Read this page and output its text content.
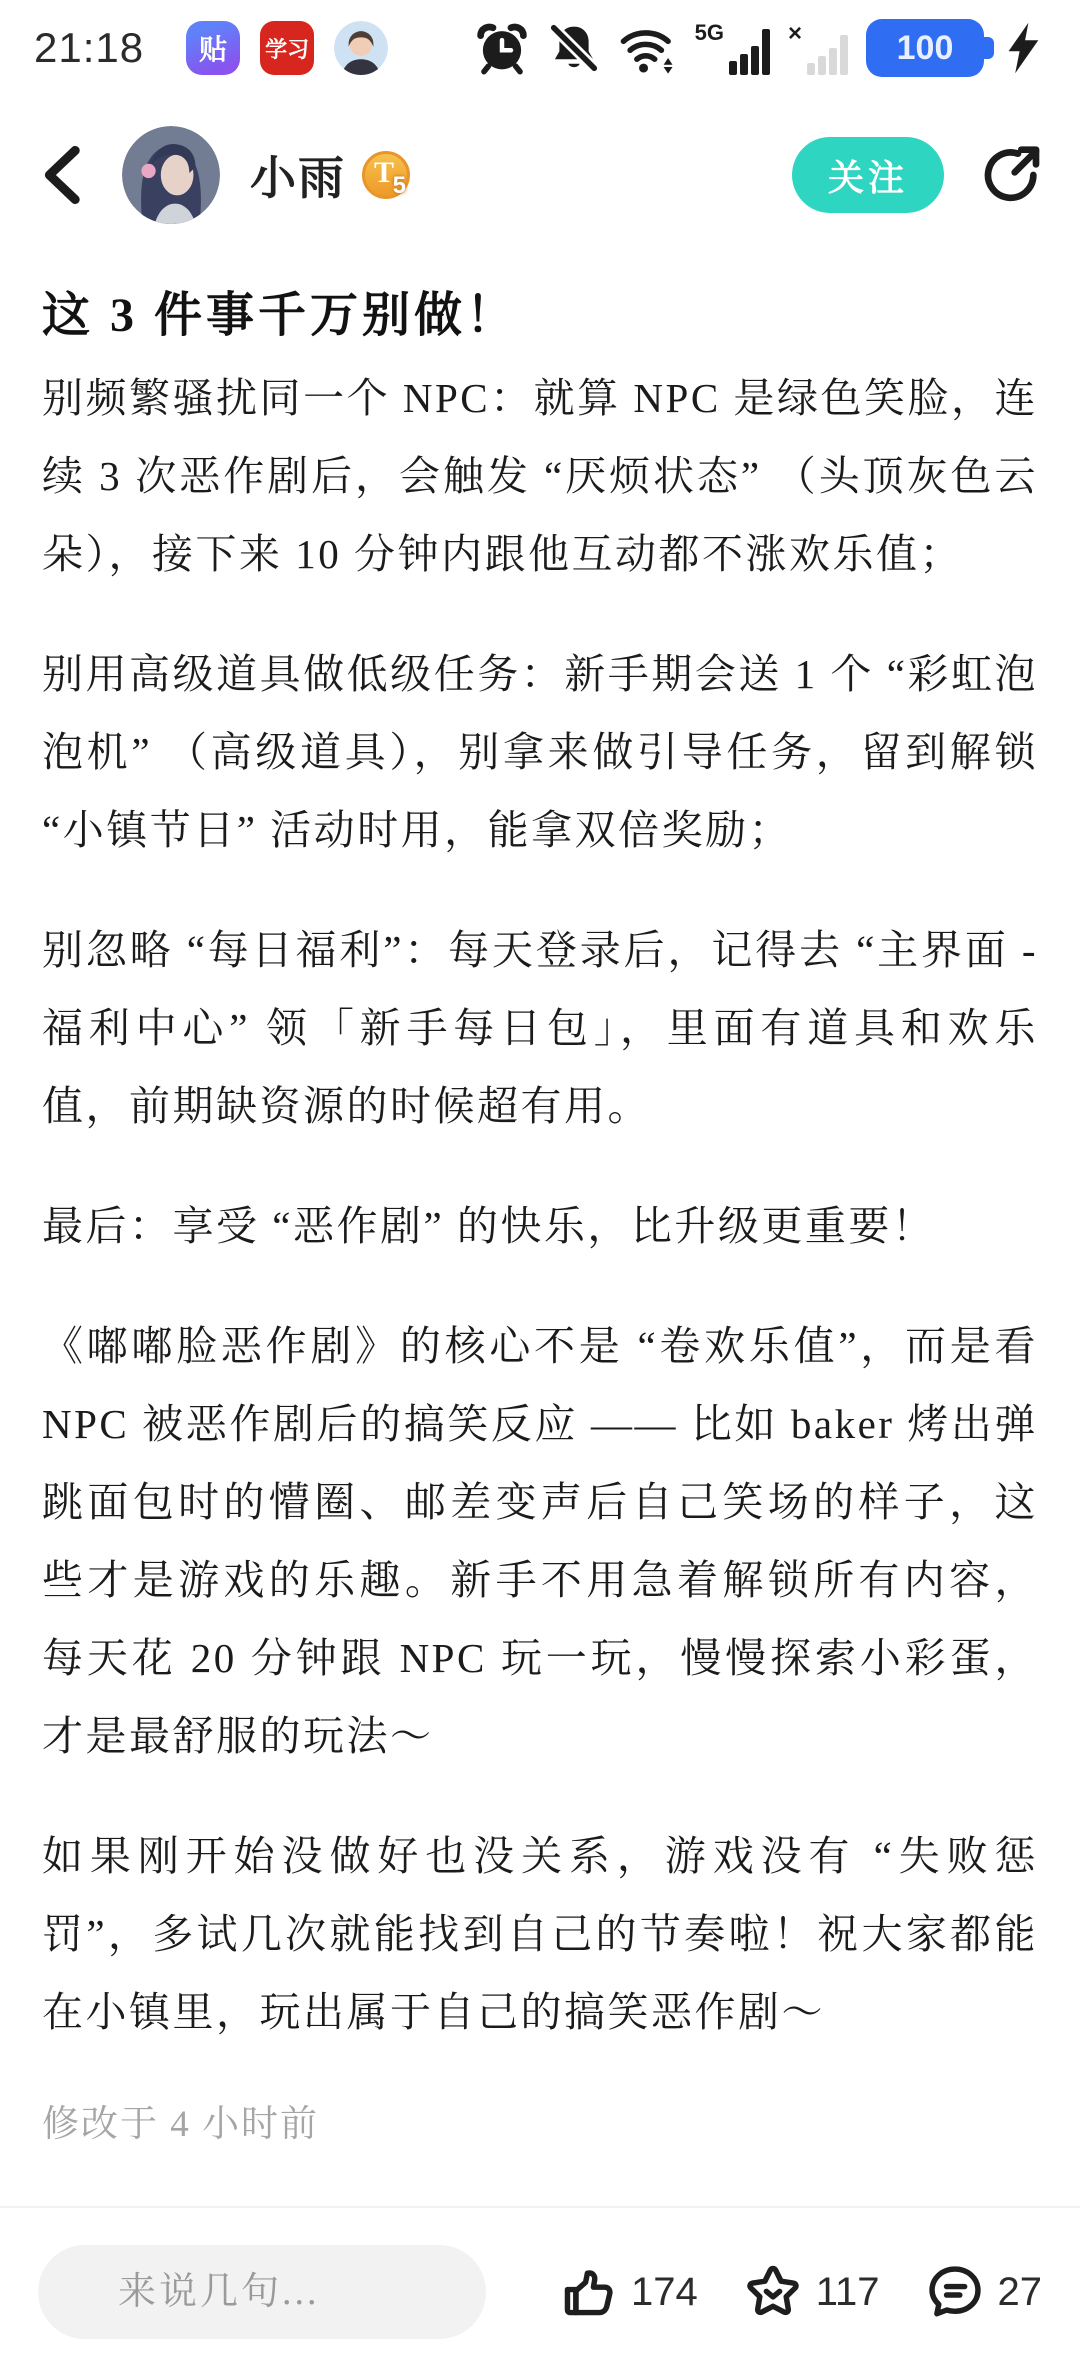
21:18 贴 学习
5G	×	100
小雨 T
5	关注
这 3 件事千万别做！

别频繁骚扰同一个 NPC：就算 NPC 是绿色笑脸，连续 3 次恶作剧后，会触发 “厌烦状态” （头顶灰色云朵），接下来 10 分钟内跟他互动都不涨欢乐值；

别用高级道具做低级任务：新手期会送 1 个 “彩虹泡泡机” （高级道具），别拿来做引导任务，留到解锁 “小镇节日” 活动时用，能拿双倍奖励；

别忽略 “每日福利”：每天登录后，记得去 “主界面 - 福利中心” 领「新手每日包」，里面有道具和欢乐值，前期缺资源的时候超有用。

最后：享受 “恶作剧” 的快乐，比升级更重要！

《嘟嘟脸恶作剧》的核心不是 “卷欢乐值”，而是看 NPC 被恶作剧后的搞笑反应 —— 比如 baker 烤出弹跳面包时的懵圈、邮差变声后自己笑场的样子，这些才是游戏的乐趣。新手不用急着解锁所有内容，每天花 20 分钟跟 NPC 玩一玩，慢慢探索小彩蛋，才是最舒服的玩法～

如果刚开始没做好也没关系，游戏没有 “失败惩罚”，多试几次就能找到自己的节奏啦！祝大家都能在小镇里，玩出属于自己的搞笑恶作剧～

修改于 4 小时前
来说几句...
174	117	27
